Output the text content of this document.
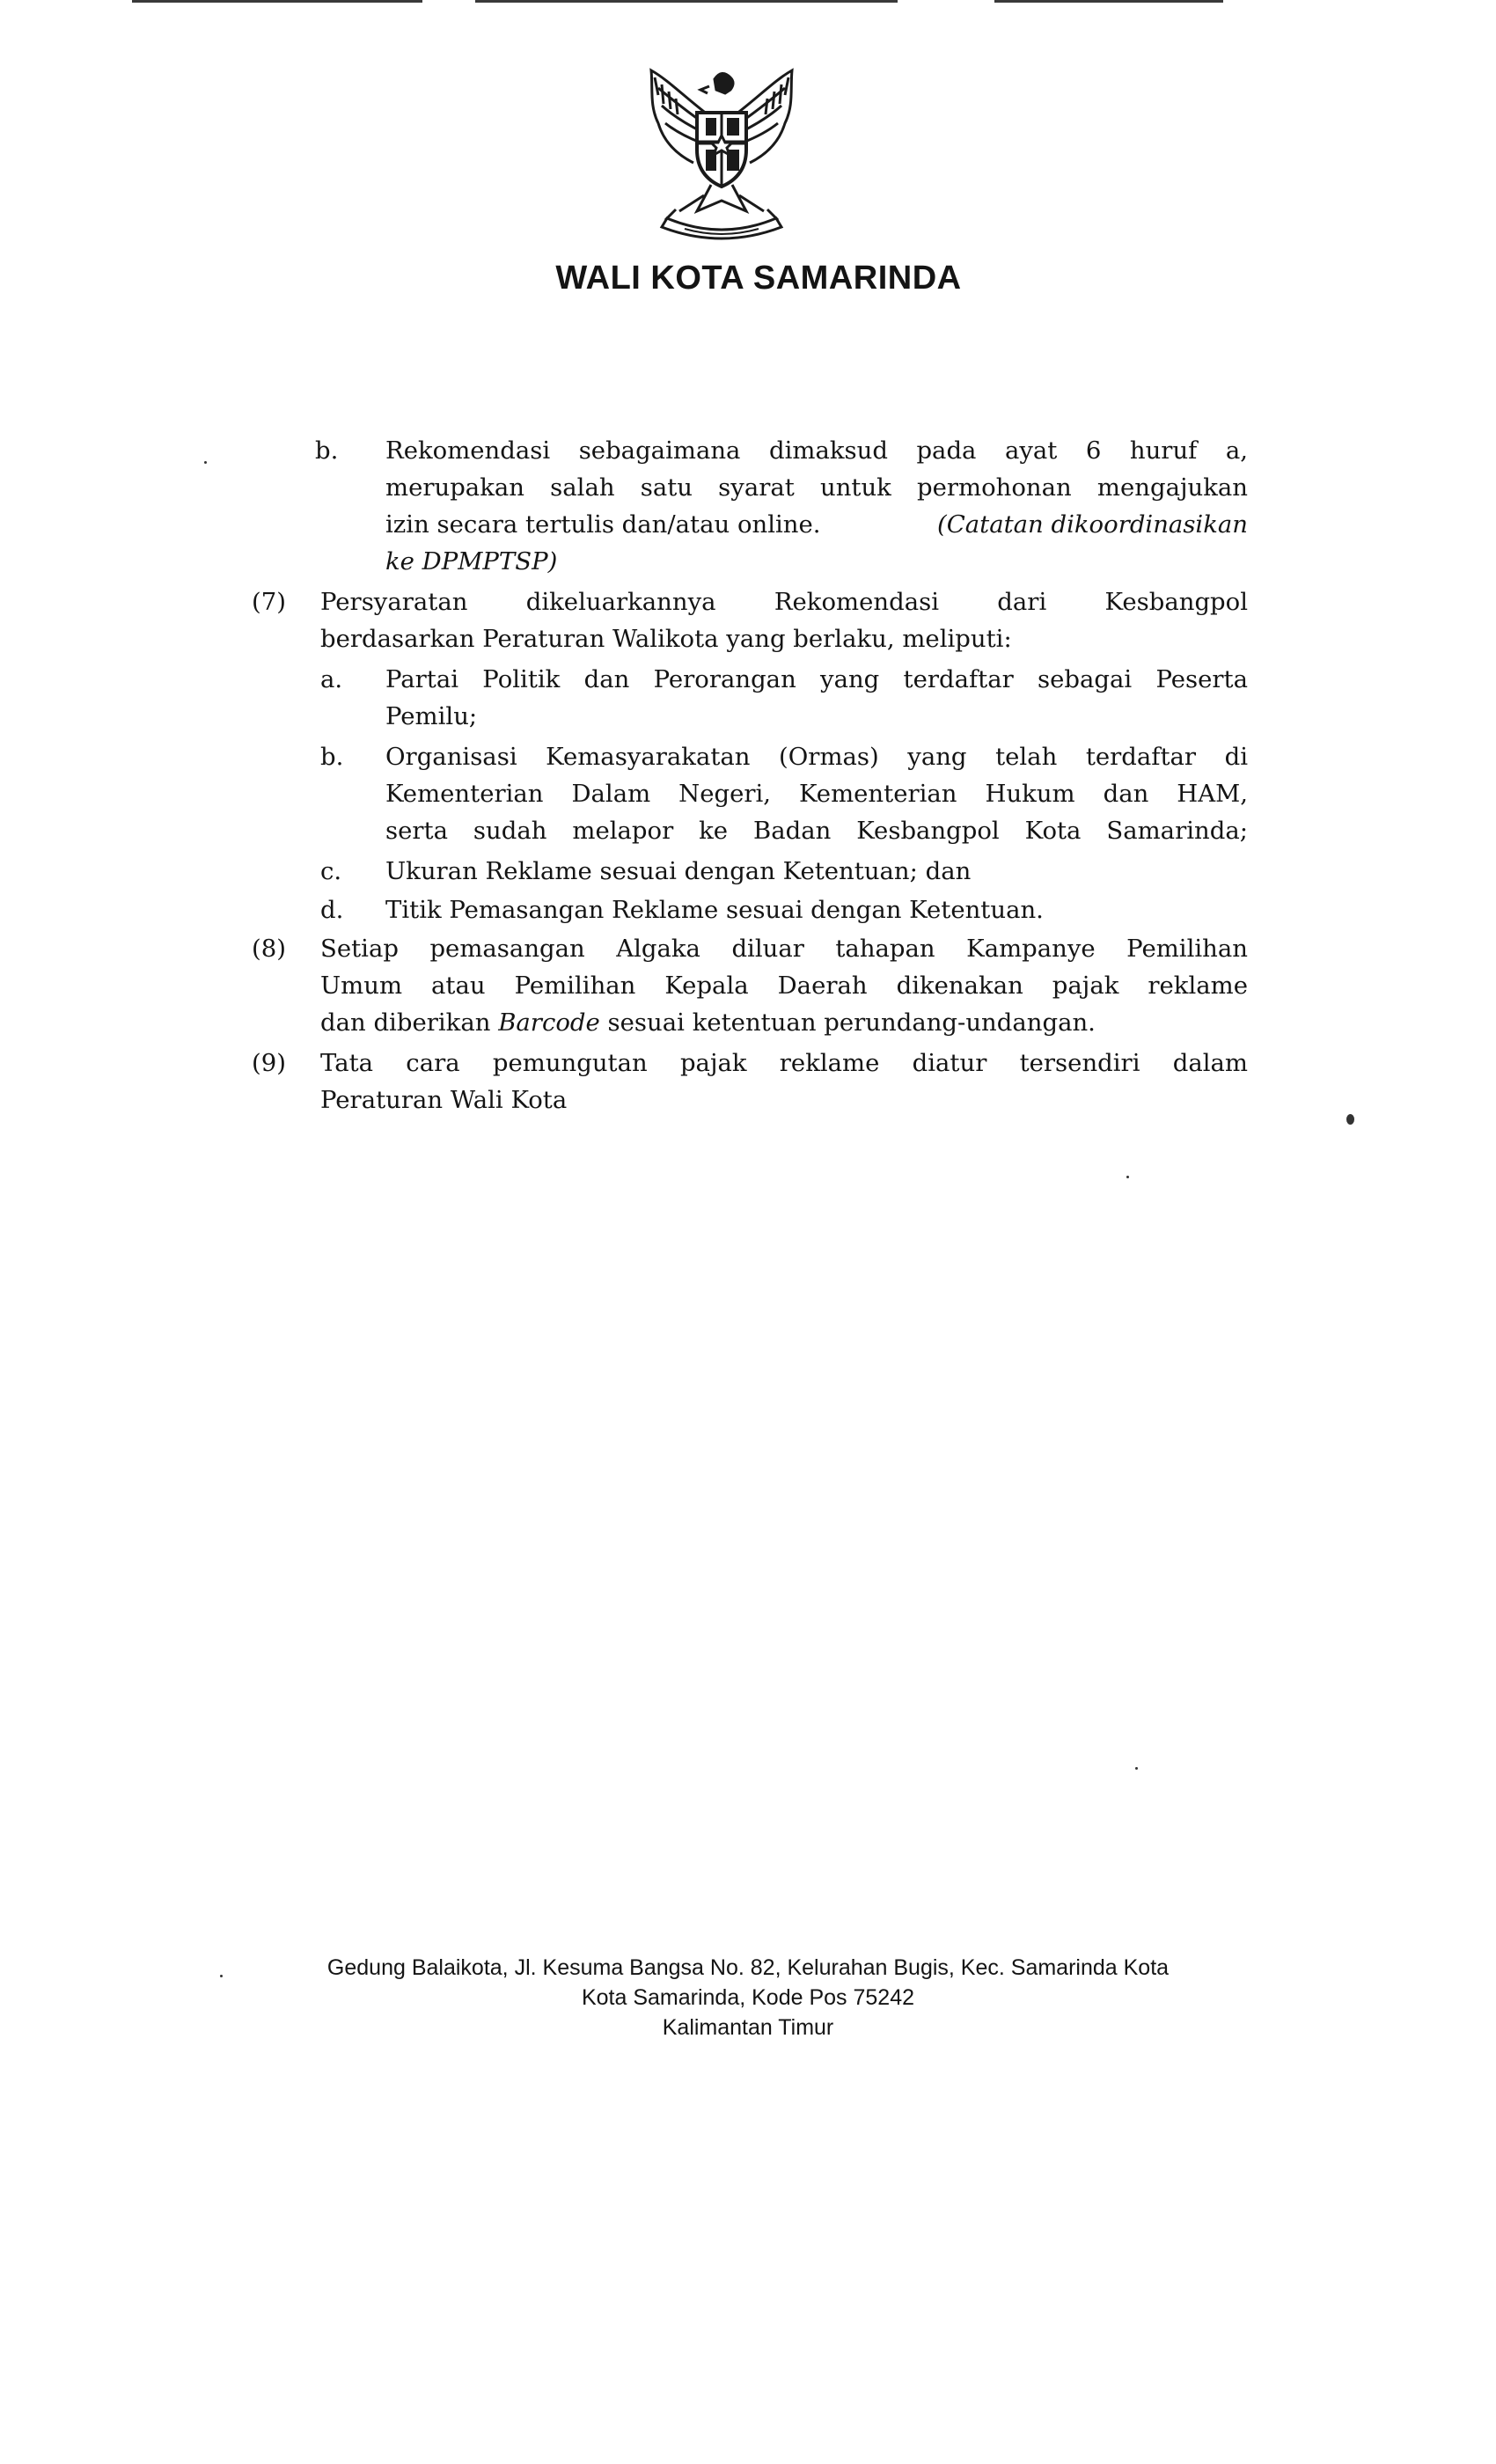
WALI KOTA SAMARINDA
b. Rekomendasi sebagaimana dimaksud pada ayat 6 huruf a,
merupakan salah satu syarat untuk permohonan mengajukan
izin secara tertulis dan/atau online.	(Catatan dikoordinasikan
ke DPMPTSP)
(7) Persyaratan dikeluarkannya Rekomendasi dari Kesbangpol
berdasarkan Peraturan Walikota yang berlaku, meliputi:
a. Partai Politik dan Perorangan yang terdaftar sebagai Peserta
Pemilu;
b. Organisasi Kemasyarakatan (Ormas) yang telah terdaftar di
Kementerian Dalam Negeri, Kementerian Hukum dan HAM,
serta sudah melapor ke Badan Kesbangpol Kota Samarinda;
c. Ukuran Reklame sesuai dengan Ketentuan; dan
d. Titik Pemasangan Reklame sesuai dengan Ketentuan.
(8) Setiap pemasangan Algaka diluar tahapan Kampanye Pemilihan
Umum atau Pemilihan Kepala Daerah dikenakan pajak reklame
dan diberikan Barcode sesuai ketentuan perundang-undangan.
(9) Tata cara pemungutan pajak reklame diatur tersendiri dalam
Peraturan Wali Kota
Gedung Balaikota, Jl. Kesuma Bangsa No. 82, Kelurahan Bugis, Kec. Samarinda Kota
Kota Samarinda, Kode Pos 75242
Kalimantan Timur
